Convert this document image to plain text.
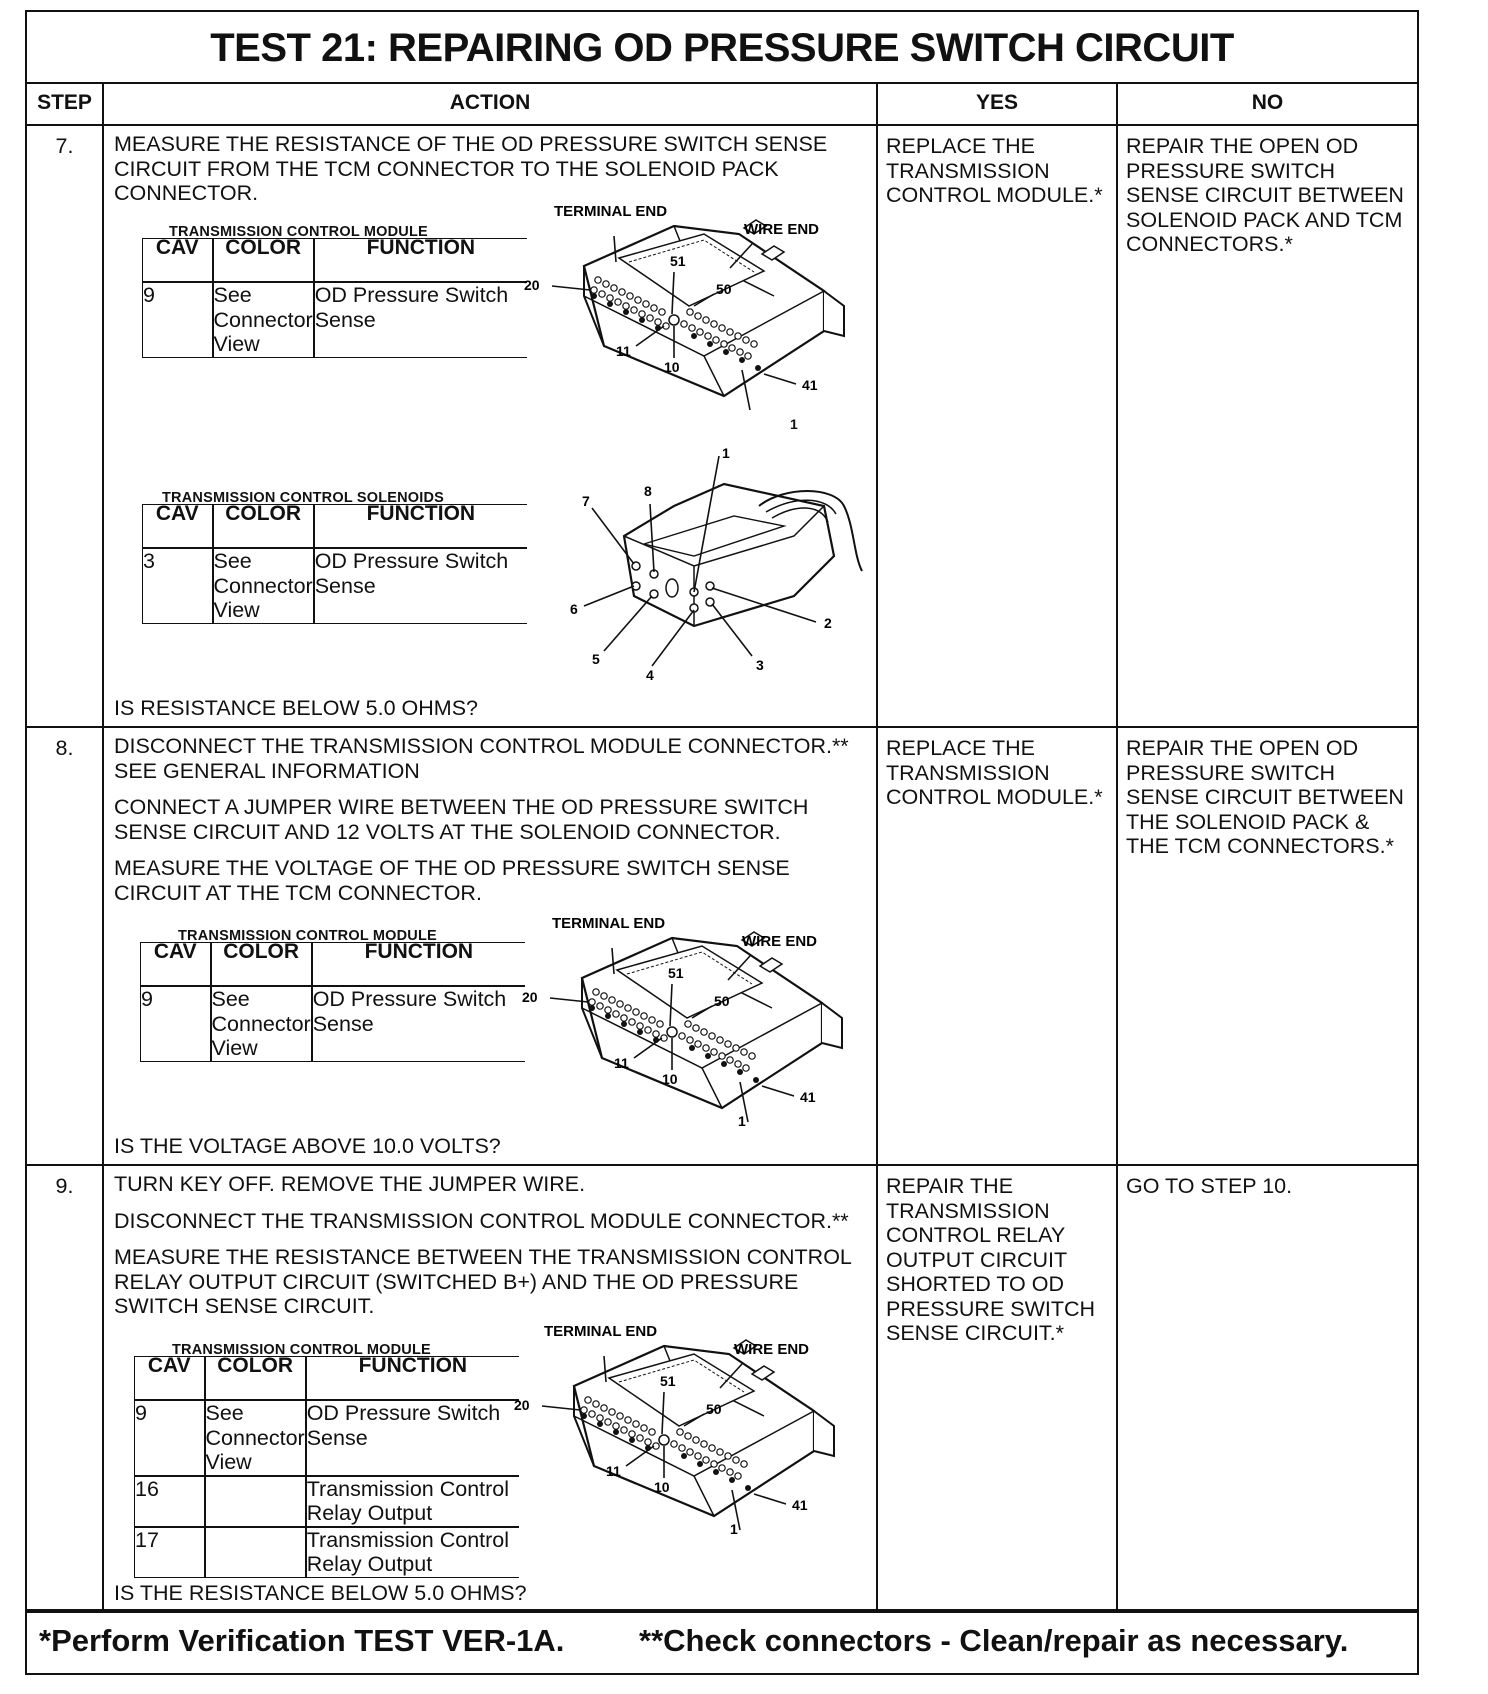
TEST 21: REPAIRING OD PRESSURE SWITCH CIRCUIT
STEP	ACTION	YES	NO
7.	MEASURE THE RESISTANCE OF THE OD PRESSURE SWITCH SENSE CIRCUIT FROM THE TCM CONNECTOR TO THE SOLENOID PACK CONNECTOR.

TRANSMISSION CONTROL MODULE
CAV	COLOR	FUNCTION
9	See Connector View	OD Pressure Switch Sense
TERMINAL END
WIRE END
20
51
50
11
10
41
1
TRANSMISSION CONTROL SOLENOIDS
CAV	COLOR	FUNCTION
3	See Connector View	OD Pressure Switch Sense
1
8
7
6
5
4
3
2
IS RESISTANCE BELOW 5.0 OHMS?
	REPLACE THE TRANSMISSION CONTROL MODULE.*	REPAIR THE OPEN OD PRESSURE SWITCH SENSE CIRCUIT BETWEEN SOLENOID PACK AND TCM CONNECTORS.*
8.	DISCONNECT THE TRANSMISSION CONTROL MODULE CONNECTOR.** SEE GENERAL INFORMATION

CONNECT A JUMPER WIRE BETWEEN THE OD PRESSURE SWITCH SENSE CIRCUIT AND 12 VOLTS AT THE SOLENOID CONNECTOR.

MEASURE THE VOLTAGE OF THE OD PRESSURE SWITCH SENSE CIRCUIT AT THE TCM CONNECTOR.

TRANSMISSION CONTROL MODULE
CAV	COLOR	FUNCTION
9	See Connector View	OD Pressure Switch Sense
TERMINAL END
WIRE END
20
51
50
11
10
41
1
IS THE VOLTAGE ABOVE 10.0 VOLTS?
	REPLACE THE TRANSMISSION CONTROL MODULE.*	REPAIR THE OPEN OD PRESSURE SWITCH SENSE CIRCUIT BETWEEN THE SOLENOID PACK & THE TCM CONNECTORS.*
9.	TURN KEY OFF. REMOVE THE JUMPER WIRE.

DISCONNECT THE TRANSMISSION CONTROL MODULE CONNECTOR.**

MEASURE THE RESISTANCE BETWEEN THE TRANSMISSION CONTROL RELAY OUTPUT CIRCUIT (SWITCHED B+) AND THE OD PRESSURE SWITCH SENSE CIRCUIT.

TRANSMISSION CONTROL MODULE
CAV	COLOR	FUNCTION
9	See Connector View	OD Pressure Switch Sense
16		Transmission Control Relay Output
17		Transmission Control Relay Output
TERMINAL END
WIRE END
20
51
50
11
10
41
1
IS THE RESISTANCE BELOW 5.0 OHMS?
	REPAIR THE TRANSMISSION CONTROL RELAY OUTPUT CIRCUIT SHORTED TO OD PRESSURE SWITCH SENSE CIRCUIT.*	GO TO STEP 10.
*Perform Verification TEST VER-1A. **Check connectors - Clean/repair as necessary.
